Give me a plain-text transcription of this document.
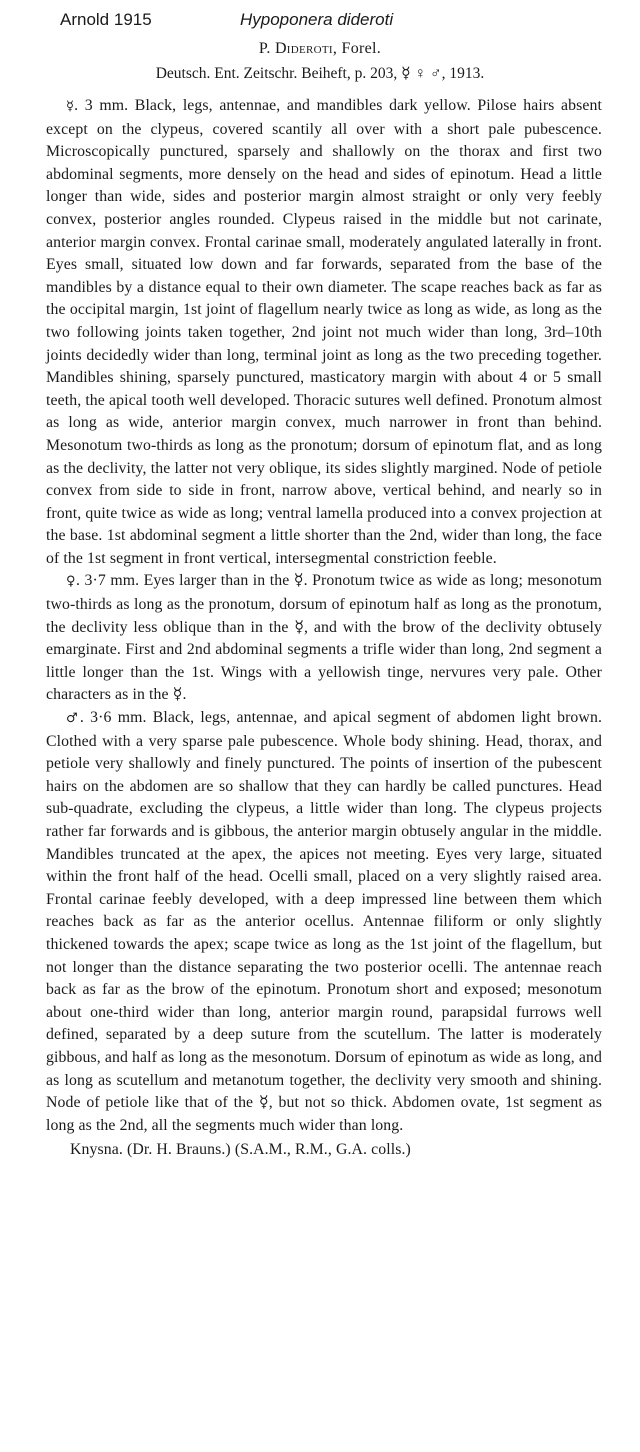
Arnold 1915	Hypoponera dideroti
P. Dideroti, Forel.
Deutsch. Ent. Zeitschr. Beiheft, p. 203, ☿ ♀ ♂, 1913.

☿. 3 mm. Black, legs, antennae, and mandibles dark yellow. Pilose hairs absent except on the clypeus, covered scantily all over with a short pale pubescence. Microscopically punctured, sparsely and shallowly on the thorax and first two abdominal segments, more densely on the head and sides of epinotum. Head a little longer than wide, sides and posterior margin almost straight or only very feebly convex, posterior angles rounded. Clypeus raised in the middle but not carinate, anterior margin convex. Frontal carinae small, moderately angulated laterally in front. Eyes small, situated low down and far forwards, separated from the base of the mandibles by a distance equal to their own diameter. The scape reaches back as far as the occipital margin, 1st joint of flagellum nearly twice as long as wide, as long as the two following joints taken together, 2nd joint not much wider than long, 3rd–10th joints decidedly wider than long, terminal joint as long as the two preceding together. Mandibles shining, sparsely punctured, masticatory margin with about 4 or 5 small teeth, the apical tooth well developed. Thoracic sutures well defined. Pronotum almost as long as wide, anterior margin convex, much narrower in front than behind. Mesonotum two-thirds as long as the pronotum; dorsum of epinotum flat, and as long as the declivity, the latter not very oblique, its sides slightly margined. Node of petiole convex from side to side in front, narrow above, vertical behind, and nearly so in front, quite twice as wide as long; ventral lamella produced into a convex projection at the base. 1st abdominal segment a little shorter than the 2nd, wider than long, the face of the 1st segment in front vertical, intersegmental constriction feeble.

♀. 3·7 mm. Eyes larger than in the ☿. Pronotum twice as wide as long; mesonotum two-thirds as long as the pronotum, dorsum of epinotum half as long as the pronotum, the declivity less oblique than in the ☿, and with the brow of the declivity obtusely emarginate. First and 2nd abdominal segments a trifle wider than long, 2nd segment a little longer than the 1st. Wings with a yellowish tinge, nervures very pale. Other characters as in the ☿.

♂. 3·6 mm. Black, legs, antennae, and apical segment of abdomen light brown. Clothed with a very sparse pale pubescence. Whole body shining. Head, thorax, and petiole very shallowly and finely punctured. The points of insertion of the pubescent hairs on the abdomen are so shallow that they can hardly be called punctures. Head sub-quadrate, excluding the clypeus, a little wider than long. The clypeus projects rather far forwards and is gibbous, the anterior margin obtusely angular in the middle. Mandibles truncated at the apex, the apices not meeting. Eyes very large, situated within the front half of the head. Ocelli small, placed on a very slightly raised area. Frontal carinae feebly developed, with a deep impressed line between them which reaches back as far as the anterior ocellus. Antennae filiform or only slightly thickened towards the apex; scape twice as long as the 1st joint of the flagellum, but not longer than the distance separating the two posterior ocelli. The antennae reach back as far as the brow of the epinotum. Pronotum short and exposed; mesonotum about one-third wider than long, anterior margin round, parapsidal furrows well defined, separated by a deep suture from the scutellum. The latter is moderately gibbous, and half as long as the mesonotum. Dorsum of epinotum as wide as long, and as long as scutellum and metanotum together, the declivity very smooth and shining. Node of petiole like that of the ☿, but not so thick. Abdomen ovate, 1st segment as long as the 2nd, all the segments much wider than long.

Knysna. (Dr. H. Brauns.) (S.A.M., R.M., G.A. colls.)
